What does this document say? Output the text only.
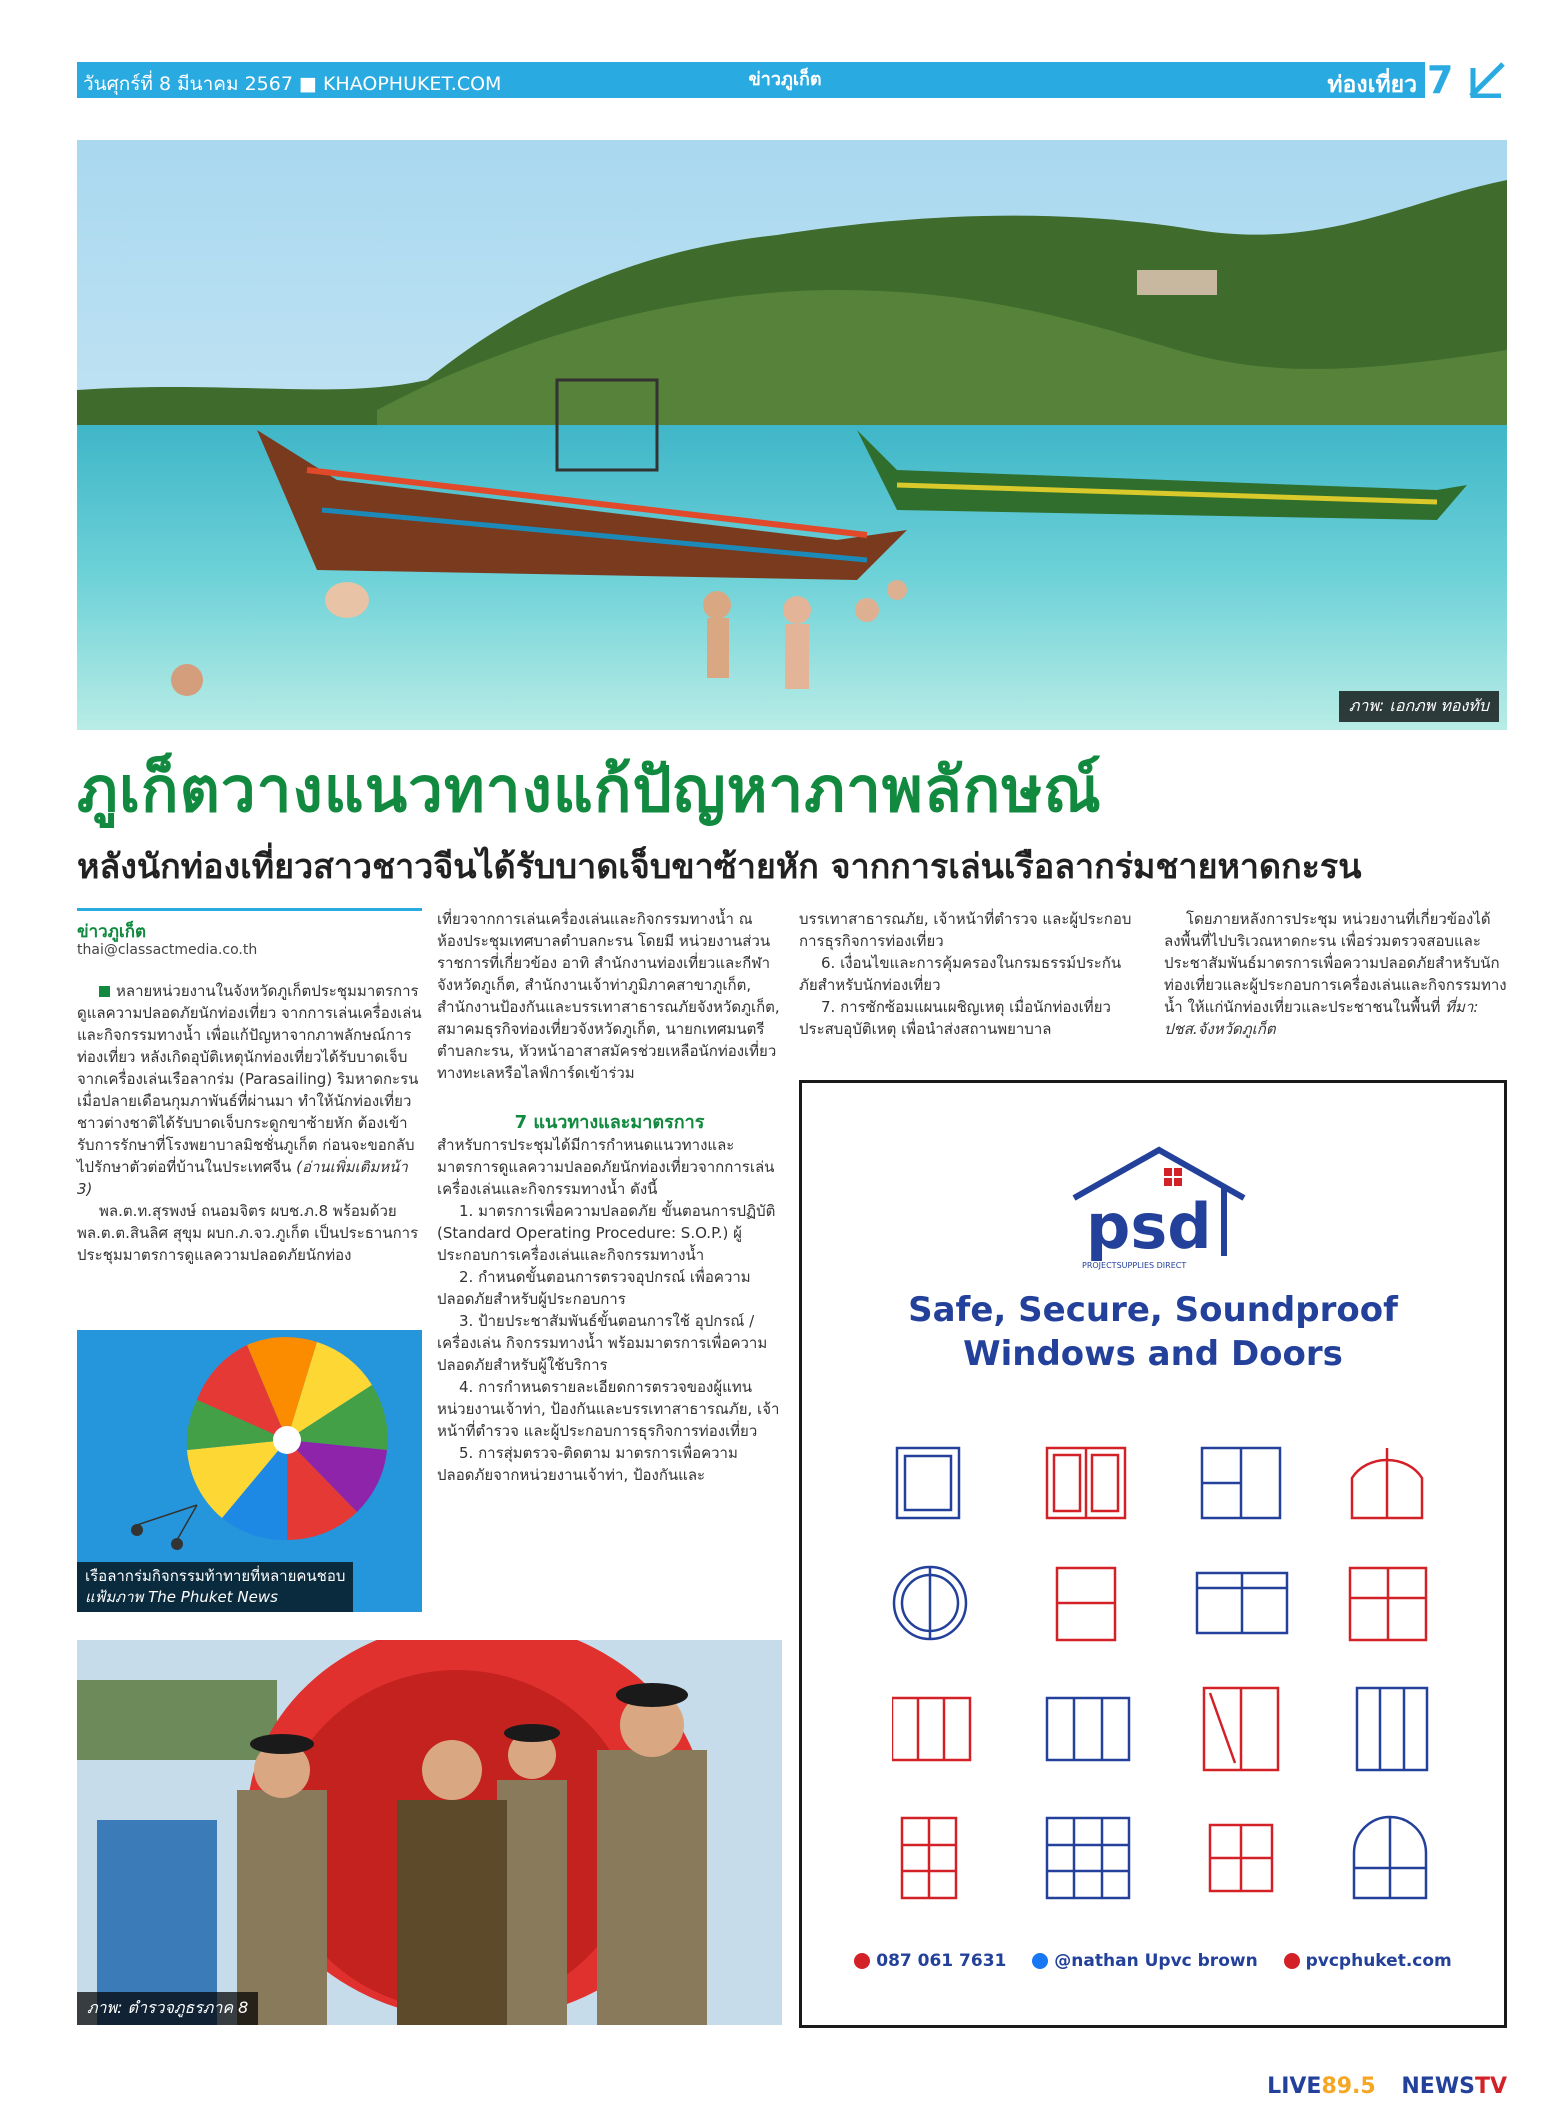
วันศุกร์ที่ 8 มีนาคม 2567 ■ KHAOPHUKET.COM	ข่าวภูเก็ต	ท่องเที่ยว 7
ภาพ: เอกภพ ทองทับ
ภูเก็ตวางแนวทางแก้ปัญหาภาพลักษณ์
หลังนักท่องเที่ยวสาวชาวจีนได้รับบาดเจ็บขาซ้ายหัก จากการเล่นเรือลากร่มชายหาดกะรน
ข่าวภูเก็ต
thai@classactmedia.co.th

หลายหน่วยงานในจังหวัดภูเก็ตประชุมมาตรการดูแลความปลอดภัยนักท่องเที่ยว จากการเล่นเครื่องเล่นและกิจกรรมทางน้ำ เพื่อแก้ปัญหาจากภาพลักษณ์การท่องเที่ยว หลังเกิดอุบัติเหตุนักท่องเที่ยวได้รับบาดเจ็บจากเครื่องเล่นเรือลากร่ม (Parasailing) ริมหาดกะรน เมื่อปลายเดือนกุมภาพันธ์ที่ผ่านมา ทำให้นักท่องเที่ยวชาวต่างชาติได้รับบาดเจ็บกระดูกขาซ้ายหัก ต้องเข้ารับการรักษาที่โรงพยาบาลมิชชั่นภูเก็ต ก่อนจะขอกลับไปรักษาตัวต่อที่บ้านในประเทศจีน (อ่านเพิ่มเติมหน้า 3)

พล.ต.ท.สุรพงษ์ ถนอมจิตร ผบช.ภ.8 พร้อมด้วย พล.ต.ต.สินลิศ สุขุม ผบก.ภ.จว.ภูเก็ต เป็นประธานการประชุมมาตรการดูแลความปลอดภัยนักท่อง

เรือลากร่มกิจกรรมท้าทายที่หลายคนชอบ
แฟ้มภาพ The Phuket News

เที่ยวจากการเล่นเครื่องเล่นและกิจกรรมทางน้ำ ณ ห้องประชุมเทศบาลตำบลกะรน โดยมี หน่วยงานส่วนราชการที่เกี่ยวข้อง อาทิ สำนักงานท่องเที่ยวและกีฬาจังหวัดภูเก็ต, สำนักงานเจ้าท่าภูมิภาคสาขาภูเก็ต, สำนักงานป้องกันและบรรเทาสาธารณภัยจังหวัดภูเก็ต, สมาคมธุรกิจท่องเที่ยวจังหวัดภูเก็ต, นายกเทศมนตรีตำบลกะรน, หัวหน้าอาสาสมัครช่วยเหลือนักท่องเที่ยวทางทะเลหรือไลฟ์การ์ดเข้าร่วม

7 แนวทางและมาตรการ

สำหรับการประชุมได้มีการกำหนดแนวทางและมาตรการดูแลความปลอดภัยนักท่องเที่ยวจากการเล่นเครื่องเล่นและกิจกรรมทางน้ำ ดังนี้

1. มาตรการเพื่อความปลอดภัย ขั้นตอนการปฏิบัติ (Standard Operating Procedure: S.O.P.) ผู้ประกอบการเครื่องเล่นและกิจกรรมทางน้ำ

2. กำหนดขั้นตอนการตรวจอุปกรณ์ เพื่อความปลอดภัยสำหรับผู้ประกอบการ

3. ป้ายประชาสัมพันธ์ขั้นตอนการใช้ อุปกรณ์ / เครื่องเล่น กิจกรรมทางน้ำ พร้อมมาตรการเพื่อความปลอดภัยสำหรับผู้ใช้บริการ

4. การกำหนดรายละเอียดการตรวจของผู้แทนหน่วยงานเจ้าท่า, ป้องกันและบรรเทาสาธารณภัย, เจ้าหน้าที่ตำรวจ และผู้ประกอบการธุรกิจการท่องเที่ยว

5. การสุ่มตรวจ-ติดตาม มาตรการเพื่อความปลอดภัยจากหน่วยงานเจ้าท่า, ป้องกันและ

ภาพ: ตำรวจภูธรภาค 8

บรรเทาสาธารณภัย, เจ้าหน้าที่ตำรวจ และผู้ประกอบการธุรกิจการท่องเที่ยว

6. เงื่อนไขและการคุ้มครองในกรมธรรม์ประกันภัยสำหรับนักท่องเที่ยว

7. การซักซ้อมแผนเผชิญเหตุ เมื่อนักท่องเที่ยวประสบอุบัติเหตุ เพื่อนำส่งสถานพยาบาล

โดยภายหลังการประชุม หน่วยงานที่เกี่ยวข้องได้ลงพื้นที่ไปบริเวณหาดกะรน เพื่อร่วมตรวจสอบและประชาสัมพันธ์มาตรการเพื่อความปลอดภัยสำหรับนักท่องเที่ยวและผู้ประกอบการเครื่องเล่นและกิจกรรมทางน้ำ ให้แก่นักท่องเที่ยวและประชาชนในพื้นที่ ที่มา: ปชส.จังหวัดภูเก็ต

psd
PROJECTSUPPLIES DIRECT
Safe, Secure, Soundproof
Windows and Doors
087 061 7631	@nathan Upvc brown	pvcphuket.com
LIVE89.5 NEWSTV
